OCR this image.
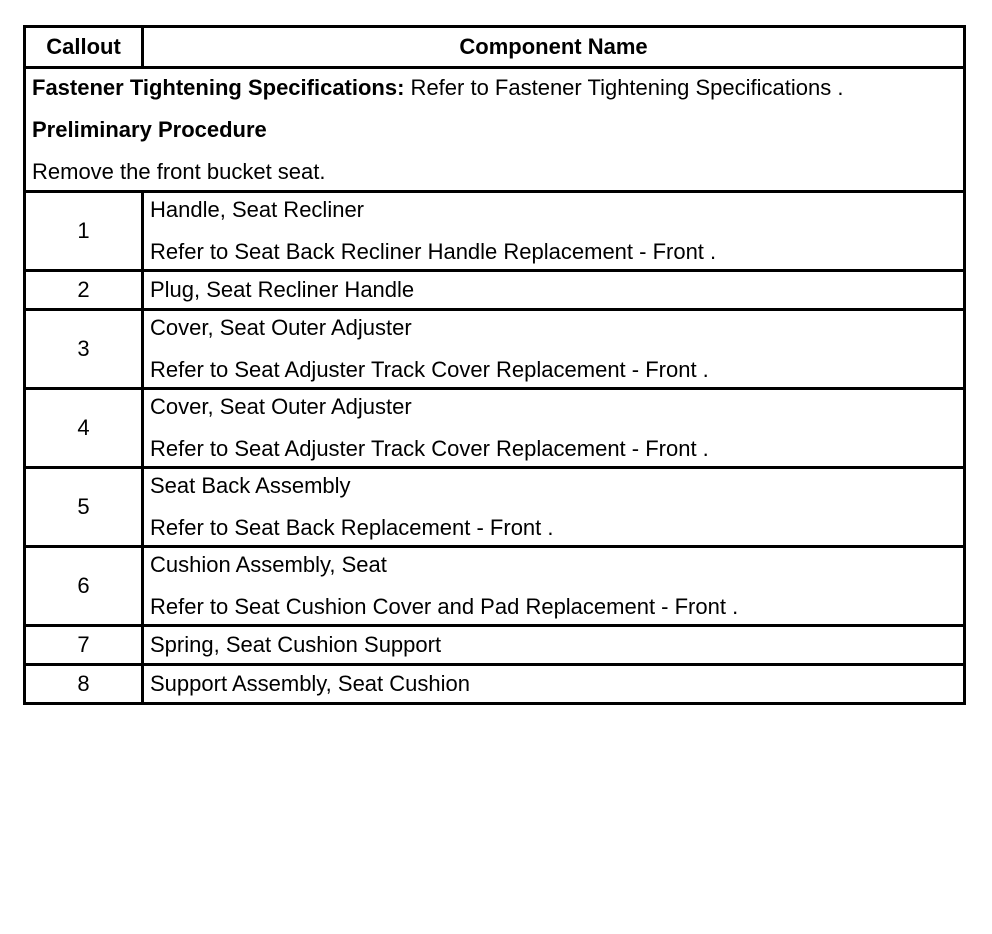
Callout	Component Name

Fastener Tightening Specifications: Refer to Fastener Tightening Specifications .

Preliminary Procedure

Remove the front bucket seat.	

1	Handle, Seat Recliner
Refer to Seat Back Recliner Handle Replacement - Front .

2	Plug, Seat Recliner Handle
3	Cover, Seat Outer Adjuster
Refer to Seat Adjuster Track Cover Replacement - Front .

4	Cover, Seat Outer Adjuster
Refer to Seat Adjuster Track Cover Replacement - Front .

5	Seat Back Assembly
Refer to Seat Back Replacement - Front .

6	Cushion Assembly, Seat
Refer to Seat Cushion Cover and Pad Replacement - Front .

7	Spring, Seat Cushion Support
8	Support Assembly, Seat Cushion
